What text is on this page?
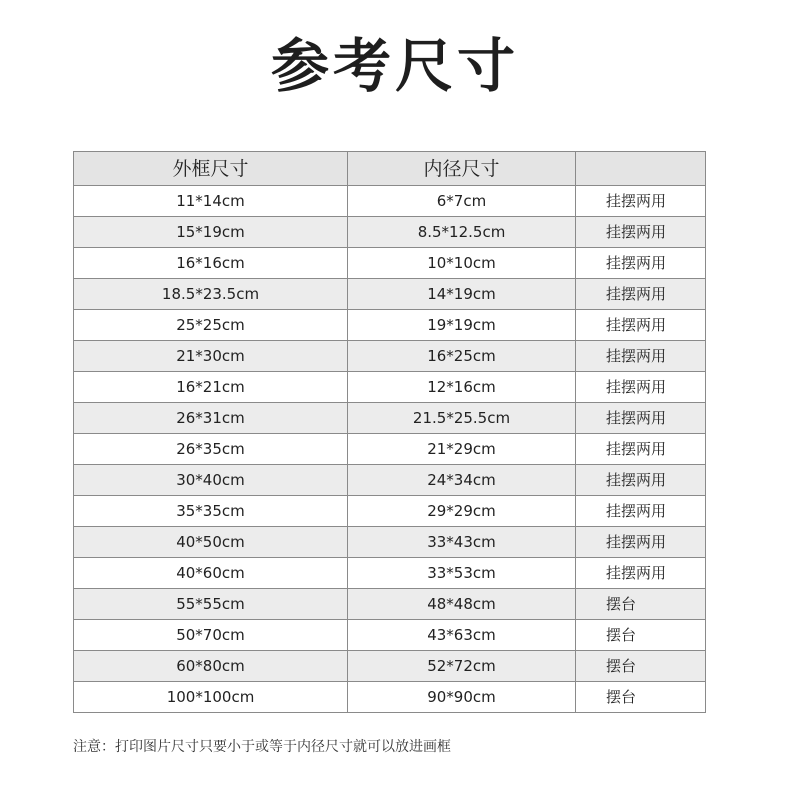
参考尺寸
外框尺寸	内径尺寸	
11*14cm	6*7cm	挂摆两用
15*19cm	8.5*12.5cm	挂摆两用
16*16cm	10*10cm	挂摆两用
18.5*23.5cm	14*19cm	挂摆两用
25*25cm	19*19cm	挂摆两用
21*30cm	16*25cm	挂摆两用
16*21cm	12*16cm	挂摆两用
26*31cm	21.5*25.5cm	挂摆两用
26*35cm	21*29cm	挂摆两用
30*40cm	24*34cm	挂摆两用
35*35cm	29*29cm	挂摆两用
40*50cm	33*43cm	挂摆两用
40*60cm	33*53cm	挂摆两用
55*55cm	48*48cm	摆台
50*70cm	43*63cm	摆台
60*80cm	52*72cm	摆台
100*100cm	90*90cm	摆台
注意：打印图片尺寸只要小于或等于内径尺寸就可以放进画框
